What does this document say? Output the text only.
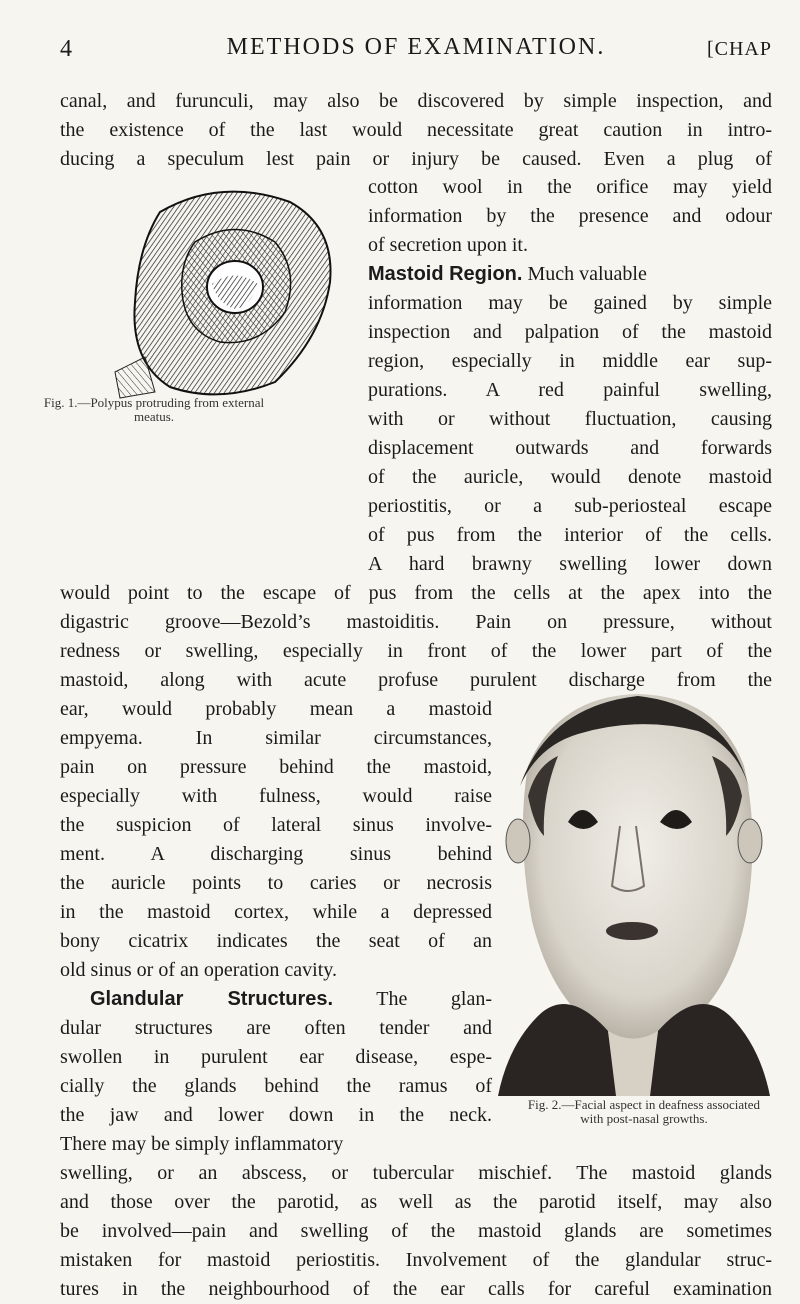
4	METHODS OF EXAMINATION.	[CHAP
canal, and furunculi, may also be discovered by simple inspection, and
the existence of the last would necessitate great caution in intro-
ducing a speculum lest pain or injury be caused. Even a plug of
Fig. 1.—Polypus protruding from external
meatus.
cotton wool in the orifice may yield
information by the presence and odour
of secretion upon it.
Mastoid Region. Much valuable
information may be gained by simple
inspection and palpation of the mastoid
region, especially in middle ear sup-
purations. A red painful swelling,
with or without fluctuation, causing
displacement outwards and forwards
of the auricle, would denote mastoid
periostitis, or a sub-periosteal escape
of pus from the interior of the cells.
A hard brawny swelling lower down
would point to the escape of pus from the cells at the apex into the
digastric groove—Bezold’s mastoiditis. Pain on pressure, without
redness or swelling, especially in front of the lower part of the
mastoid, along with acute profuse purulent discharge from the
ear, would probably mean a mastoid
empyema. In similar circumstances,
pain on pressure behind the mastoid,
especially with fulness, would raise
the suspicion of lateral sinus involve-
ment. A discharging sinus behind
the auricle points to caries or necrosis
in the mastoid cortex, while a depressed
bony cicatrix indicates the seat of an
old sinus or of an operation cavity.
Glandular Structures. The glan-
dular structures are often tender and
swollen in purulent ear disease, espe-
cially the glands behind the ramus of
the jaw and lower down in the neck.
There may be simply inflammatory
Fig. 2.—Facial aspect in deafness associated
with post-nasal growths.
swelling, or an abscess, or tubercular mischief. The mastoid glands
and those over the parotid, as well as the parotid itself, may also
be involved—pain and swelling of the mastoid glands are sometimes
mistaken for mastoid periostitis. Involvement of the glandular struc-
tures in the neighbourhood of the ear calls for careful examination
